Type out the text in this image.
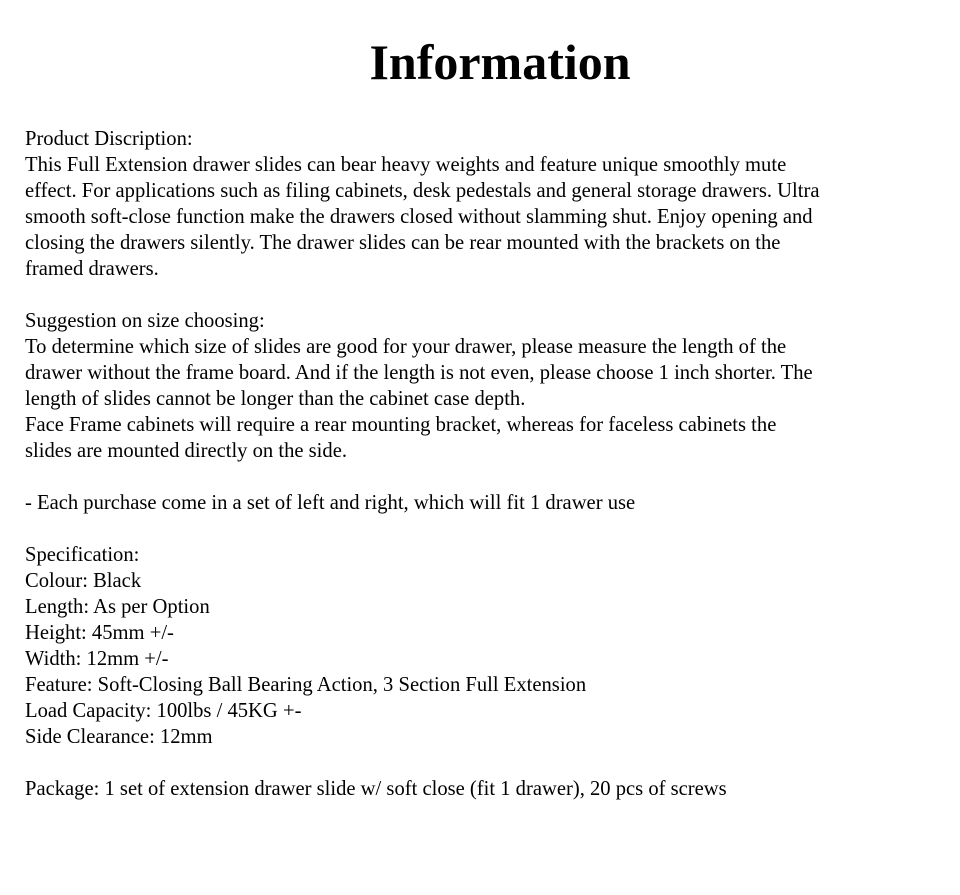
Information
Product Discription:
This Full Extension drawer slides can bear heavy weights and feature unique smoothly mute
effect. For applications such as filing cabinets, desk pedestals and general storage drawers. Ultra
smooth soft-close function make the drawers closed without slamming shut. Enjoy opening and
closing the drawers silently. The drawer slides can be rear mounted with the brackets on the
framed drawers.
Suggestion on size choosing:
To determine which size of slides are good for your drawer, please measure the length of the
drawer without the frame board. And if the length is not even, please choose 1 inch shorter. The
length of slides cannot be longer than the cabinet case depth.
Face Frame cabinets will require a rear mounting bracket, whereas for faceless cabinets the
slides are mounted directly on the side.
- Each purchase come in a set of left and right, which will fit 1 drawer use
Specification:
Colour: Black
Length: As per Option
Height: 45mm +/-
Width: 12mm +/-
Feature: Soft-Closing Ball Bearing Action, 3 Section Full Extension
Load Capacity: 100lbs / 45KG +-
Side Clearance: 12mm
Package: 1 set of extension drawer slide w/ soft close (fit 1 drawer), 20 pcs of screws
